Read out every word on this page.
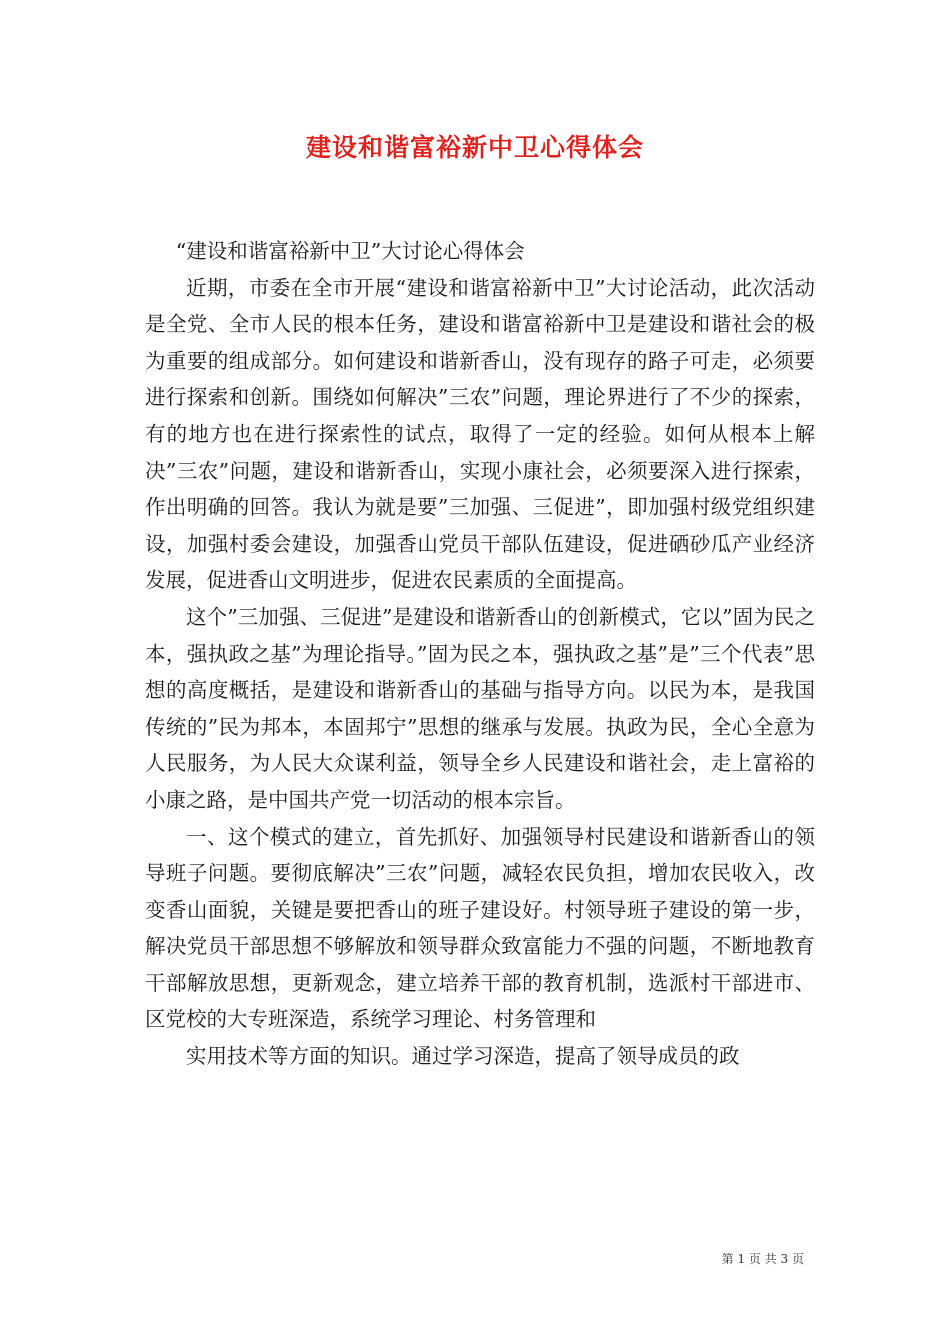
建设和谐富裕新中卫心得体会

“建设和谐富裕新中卫”大讨论心得体会

近期，市委在全市开展“建设和谐富裕新中卫”大讨论活动，此次活动是全党、全市人民的根本任务，建设和谐富裕新中卫是建设和谐社会的极为重要的组成部分。如何建设和谐新香山，没有现存的路子可走，必须要进行探索和创新。围绕如何解决”三农”问题，理论界进行了不少的探索，有的地方也在进行探索性的试点，取得了一定的经验。如何从根本上解决”三农”问题，建设和谐新香山，实现小康社会，必须要深入进行探索，作出明确的回答。我认为就是要”三加强、三促进”，即加强村级党组织建设，加强村委会建设，加强香山党员干部队伍建设，促进硒砂瓜产业经济发展，促进香山文明进步，促进农民素质的全面提高。

这个”三加强、三促进”是建设和谐新香山的创新模式，它以”固为民之本，强执政之基”为理论指导。”固为民之本，强执政之基”是”三个代表”思想的高度概括，是建设和谐新香山的基础与指导方向。以民为本，是我国传统的”民为邦本，本固邦宁”思想的继承与发展。执政为民，全心全意为人民服务，为人民大众谋利益，领导全乡人民建设和谐社会，走上富裕的小康之路，是中国共产党一切活动的根本宗旨。

一、这个模式的建立，首先抓好、加强领导村民建设和谐新香山的领导班子问题。要彻底解决”三农”问题，减轻农民负担，增加农民收入，改变香山面貌，关键是要把香山的班子建设好。村领导班子建设的第一步，解决党员干部思想不够解放和领导群众致富能力不强的问题，不断地教育干部解放思想，更新观念，建立培养干部的教育机制，选派村干部进市、区党校的大专班深造，系统学习理论、村务管理和

实用技术等方面的知识。通过学习深造，提高了领导成员的政

第 1 页 共 3 页
